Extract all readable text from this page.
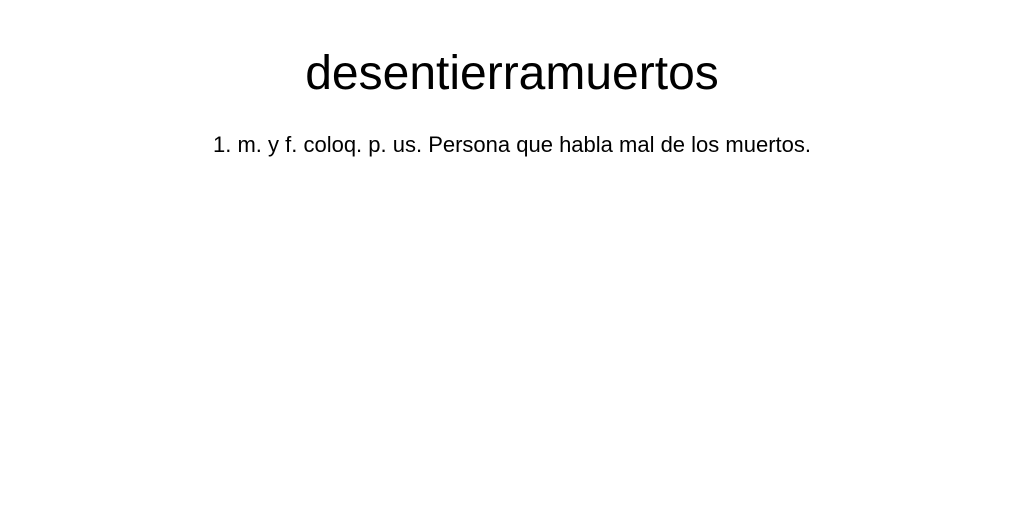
desentierramuertos

1. m. y f. coloq. p. us. Persona que habla mal de los muertos.
